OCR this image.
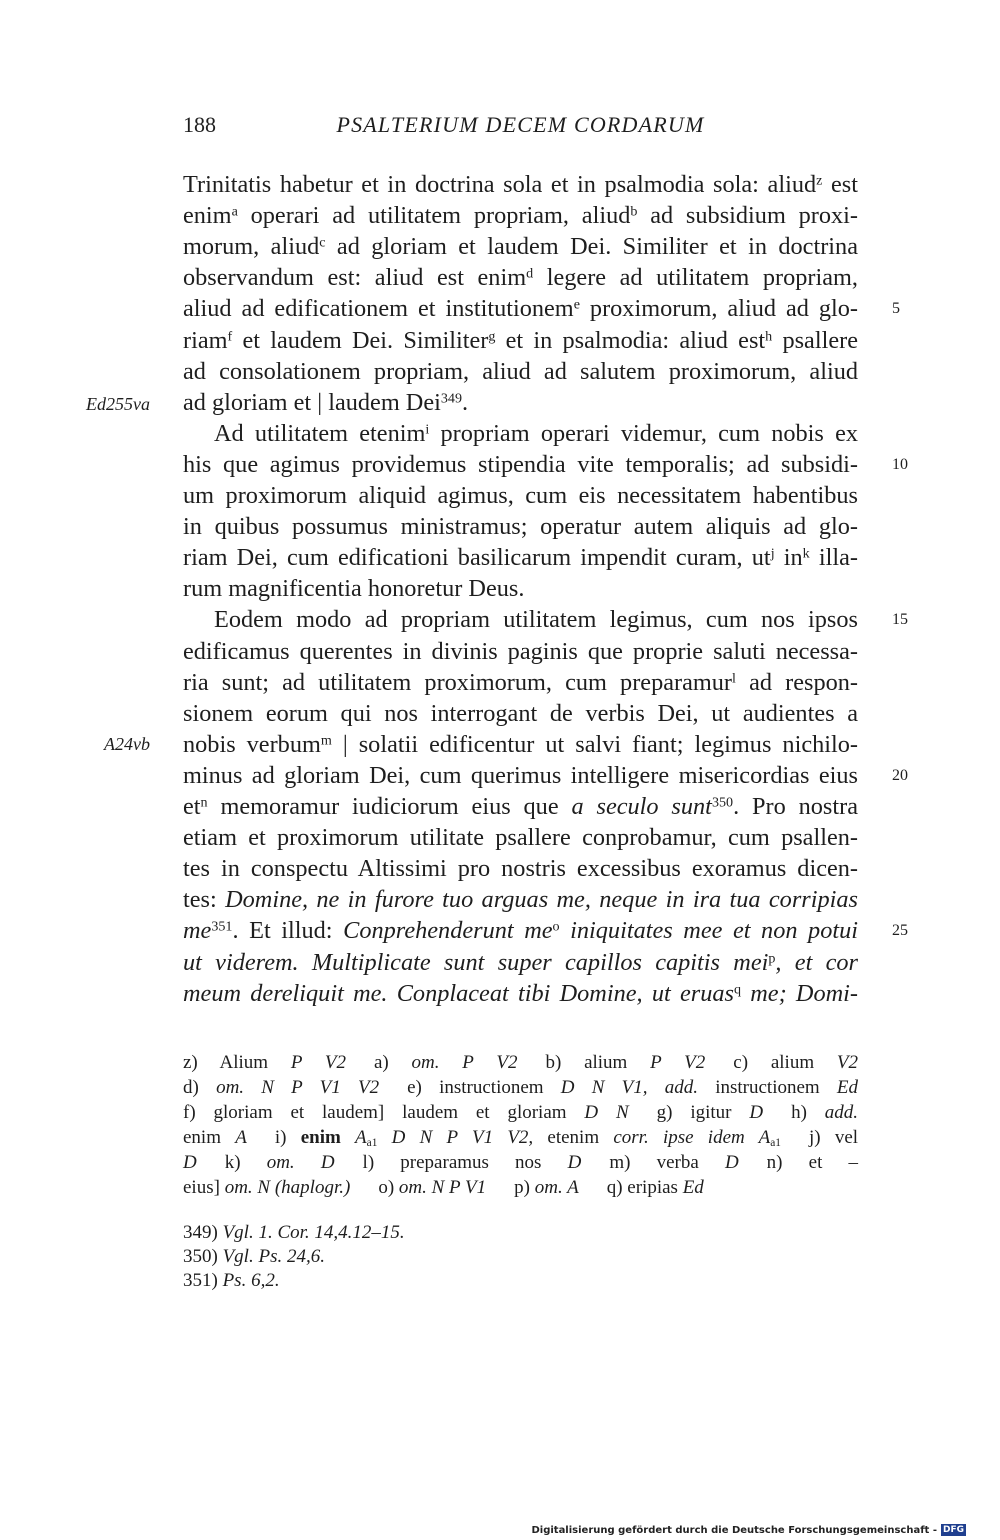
188	PSALTERIUM DECEM CORDARUM
Trinitatis habetur et in doctrina sola et in psalmodia sola: aliud$^z$ est
enim$^a$ operari ad utilitatem propriam, aliud$^b$ ad subsidium proxi-
morum, aliud$^c$ ad gloriam et laudem Dei. Similiter et in doctrina
observandum est: aliud est enim$^d$ legere ad utilitatem propriam,
aliud ad edificationem et institutionem$^e$ proximorum, aliud ad glo-
riam$^f$ et laudem Dei. Similiter$^g$ et in psalmodia: aliud est$^h$ psallere
ad consolationem propriam, aliud ad salutem proximorum, aliud
ad gloriam et | laudem Dei$^{349}$.
Ad utilitatem etenim$^i$ propriam operari videmur, cum nobis ex
his que agimus providemus stipendia vite temporalis; ad subsidi-
um proximorum aliquid agimus, cum eis necessitatem habentibus
in quibus possumus ministramus; operatur autem aliquis ad glo-
riam Dei, cum edificationi basilicarum impendit curam, $ut^j$ $in^k$ illa-
rum magnificentia honoretur Deus.
Eodem modo ad propriam utilitatem legimus, cum nos ipsos
edificamus querentes in divinis paginis que proprie saluti necessa-
ria sunt; ad utilitatem proximorum, cum preparamur$^l$ ad respon-
sionem eorum qui nos interrogant de verbis Dei, ut audientes a
nobis verbum$^m$ | solatii edificentur ut salvi fiant; legimus nichilo-
minus ad gloriam Dei, cum querimus intelligere misericordias eius
$et^n$ memoramur iudiciorum eius que a seculo sunt$^{350}$. Pro nostra
etiam et proximorum utilitate psallere conprobamur, cum psallen-
tes in conspectu Altissimi pro nostris excessibus exoramus dicen-
tes: Domine, ne in furore tuo arguas me, neque in ira tua corripias
$me^{351}$. Et illud: Conprehenderunt $me^o$ iniquitates mee et non potui
ut viderem. Multiplicate sunt super capillos capitis mei$^p$, et cor
meum dereliquit me. Conplaceat tibi Domine, ut eruas$^q$ me; Domi-
5
10
15
20
25
Ed255va
A24vb
z) Alium P V2 a) om. P V2 b) alium P V2 c) alium V2
d) om. N P V1 V2 e) instructionem D N V1, add. instructionem Ed
f) gloriam et laudem] laudem et gloriam D N g) igitur D h) add.
enim A i) enim $A_{a1}$ D N P V1 V2, etenim corr. ipse idem $A_{a1}$ j) vel
D k) om. D l) preparamus nos D m) verba D n) et –
eius] om. N (haplogr.) o) om. N P V1 p) om. A q) eripias Ed
349) Vgl. 1. Cor. 14,4.12–15.
350) Vgl. Ps. 24,6.
351) Ps. 6,2.
Digitalisierung gefördert durch die Deutsche Forschungsgemeinschaft - DFG
